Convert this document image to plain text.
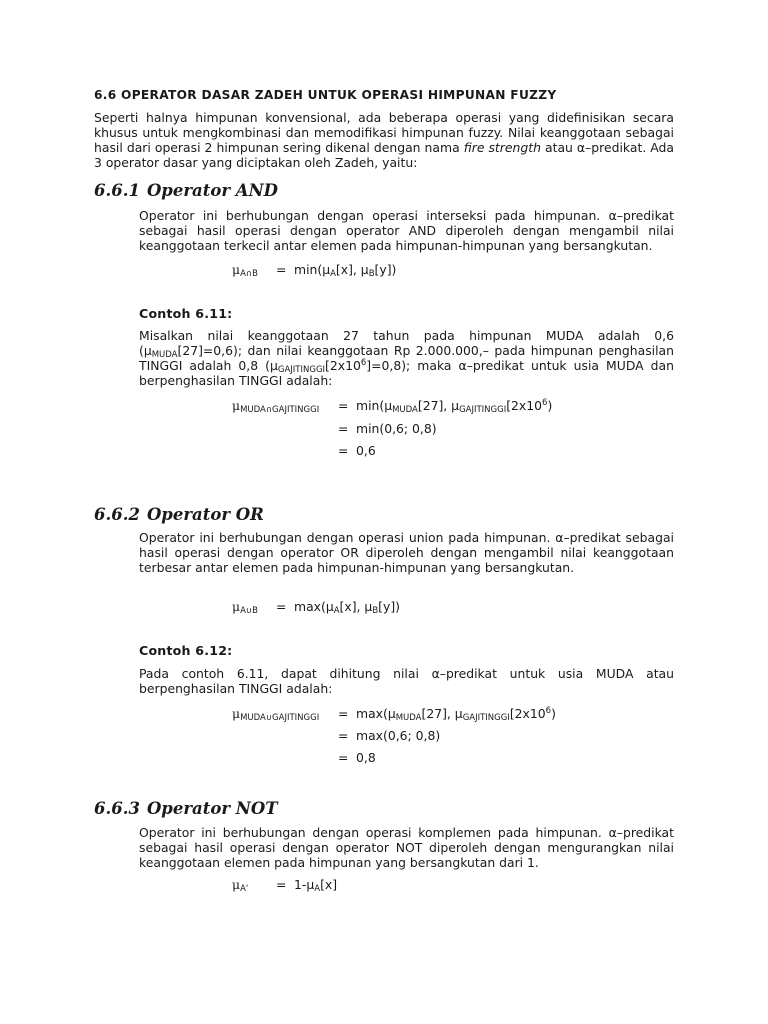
6.6 OPERATOR DASAR ZADEH UNTUK OPERASI HIMPUNAN FUZZY
Seperti halnya himpunan konvensional, ada beberapa operasi yang didefinisikan secara khusus untuk mengkombinasi dan memodifikasi himpunan fuzzy. Nilai keanggotaan sebagai hasil dari operasi 2 himpunan sering dikenal dengan nama fire strength atau α–predikat. Ada 3 operator dasar yang diciptakan oleh Zadeh, yaitu:
6.6.1 Operator AND
Operator ini berhubungan dengan operasi interseksi pada himpunan. α–predikat sebagai hasil operasi dengan operator AND diperoleh dengan mengambil nilai keanggotaan terkecil antar elemen pada himpunan-himpunan yang bersangkutan.
$\mu_{A\cap B} = \min(\mu_A[x]$, $\mu_B[y]$)
Contoh 6.11:
Misalkan nilai keanggotaan 27 tahun pada himpunan MUDA adalah 0,6 $(\mu_{MUDA}[27]=0,6)$; dan nilai keanggotaan Rp 2.000.000,– pada himpunan penghasilan TINGGI adalah 0,8 $(\mu_{GAJITINGGI}[2x10^6]=0,8)$; maka α–predikat untuk usia MUDA dan berpenghasilan TINGGI adalah:
$\mu_{MUDA\cap GAJITINGGI} = \min(\mu_{MUDA}[27]$, $\mu_{GAJITINGGI}[2x10^6)$
= min(0,6; 0,8)
= 0,6
6.6.2 Operator OR
Operator ini berhubungan dengan operasi union pada himpunan. α–predikat sebagai hasil operasi dengan operator OR diperoleh dengan mengambil nilai keanggotaan terbesar antar elemen pada himpunan-himpunan yang bersangkutan.
$\mu_{A\cup B} = \max(\mu_A[x]$, $\mu_B[y]$)
Contoh 6.12:
Pada contoh 6.11, dapat dihitung nilai α–predikat untuk usia MUDA atau berpenghasilan TINGGI adalah:
$\mu_{MUDA\cup GAJITINGGI} = \max(\mu_{MUDA}[27]$, $\mu_{GAJITINGGI}[2x10^6)$
= max(0,6; 0,8)
= 0,8
6.6.3 Operator NOT
Operator ini berhubungan dengan operasi komplemen pada himpunan. α–predikat sebagai hasil operasi dengan operator NOT diperoleh dengan mengurangkan nilai keanggotaan elemen pada himpunan yang bersangkutan dari 1.
$\mu_{A'} = 1-\mu_A[x]$
